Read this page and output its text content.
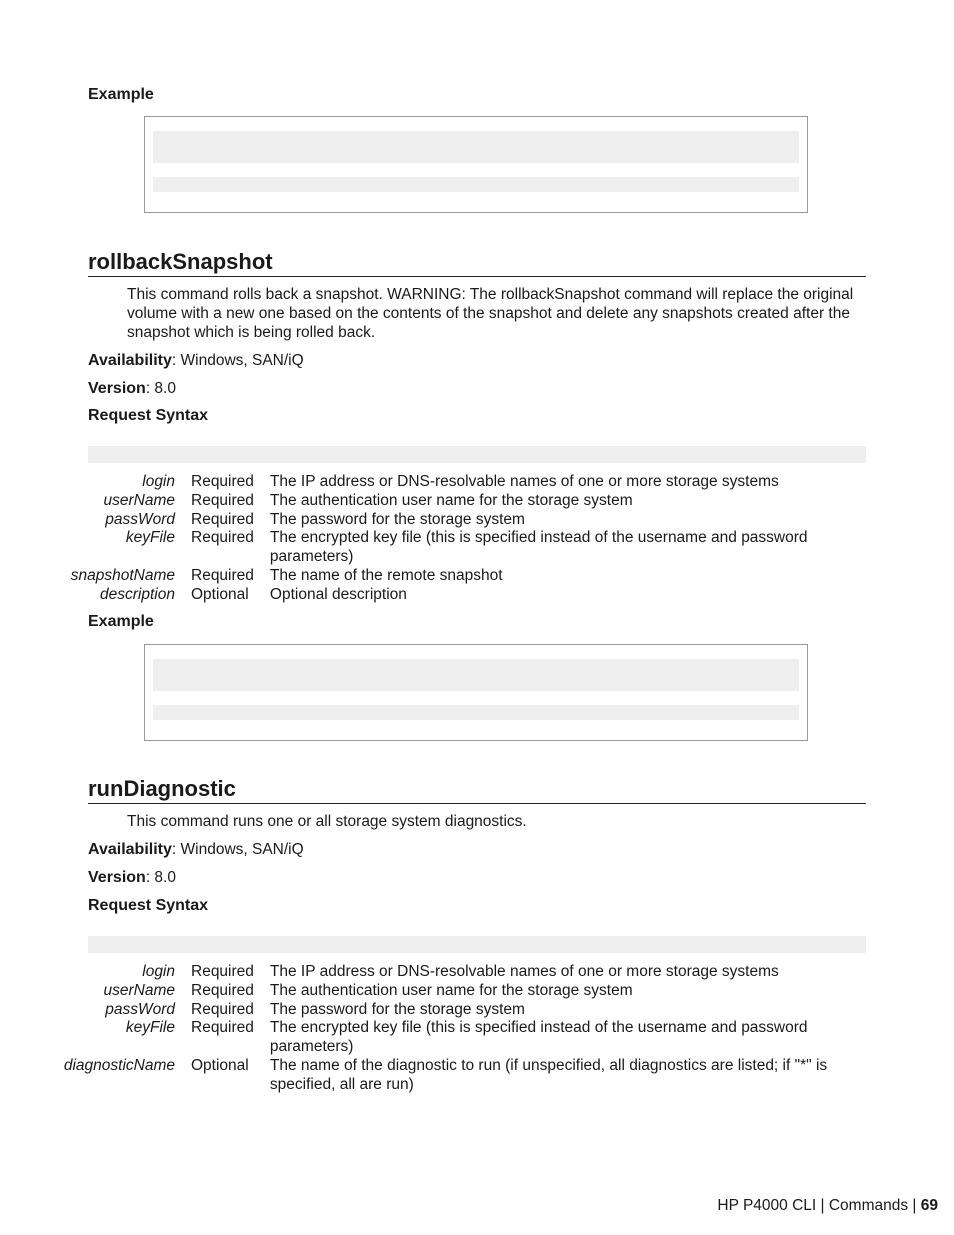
Example
rollbackSnapshot
This command rolls back a snapshot. WARNING: The rollbackSnapshot command will replace the original volume with a new one based on the contents of the snapshot and delete any snapshots created after the snapshot which is being rolled back.
Availability: Windows, SAN/iQ
Version: 8.0
Request Syntax
login	Required	The IP address or DNS-resolvable names of one or more storage systems
userName	Required	The authentication user name for the storage system
passWord	Required	The password for the storage system
keyFile	Required	The encrypted key file (this is specified instead of the username and password parameters)
snapshotName	Required	The name of the remote snapshot
description	Optional	Optional description
Example
runDiagnostic
This command runs one or all storage system diagnostics.
Availability: Windows, SAN/iQ
Version: 8.0
Request Syntax
login	Required	The IP address or DNS-resolvable names of one or more storage systems
userName	Required	The authentication user name for the storage system
passWord	Required	The password for the storage system
keyFile	Required	The encrypted key file (this is specified instead of the username and password parameters)
diagnosticName	Optional	The name of the diagnostic to run (if unspecified, all diagnostics are listed; if "*" is specified, all are run)
HP P4000 CLI | Commands | 69
